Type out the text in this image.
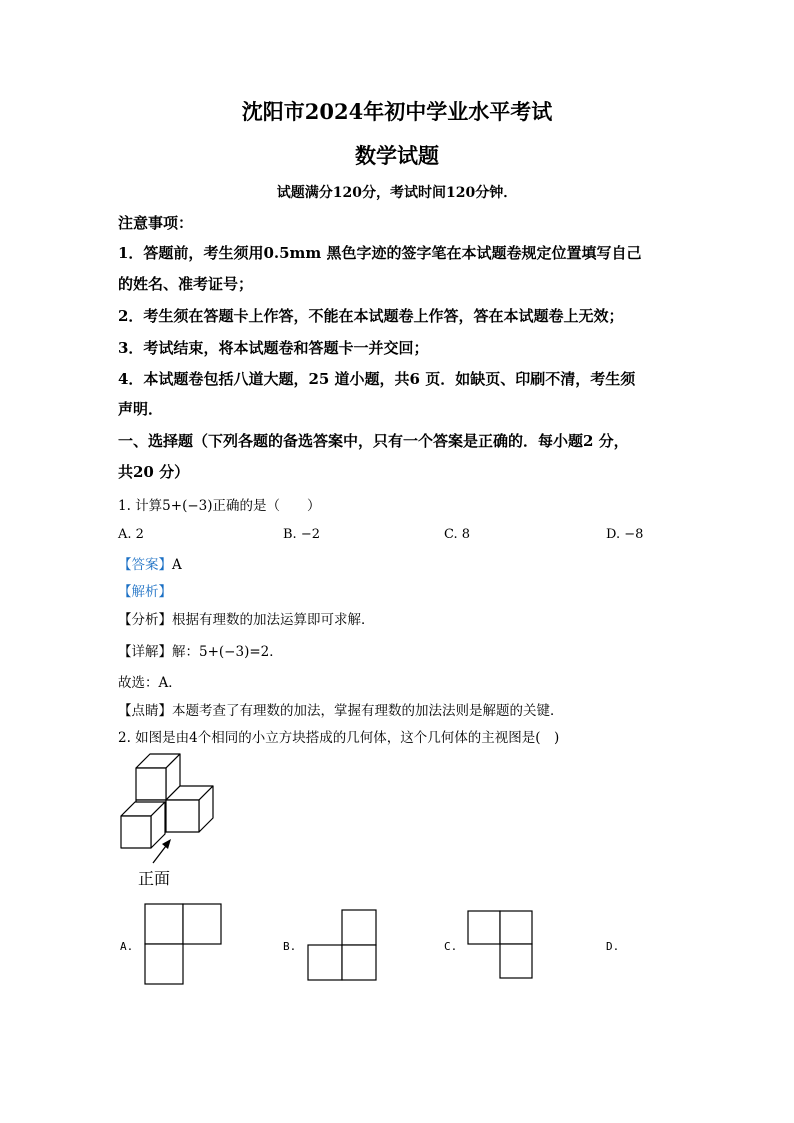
沈阳市2024年初中学业水平考试
数学试题
试题满分120分，考试时间120分钟．
注意事项：
1．答题前，考生须用0.5mm 黑色字迹的签字笔在本试题卷规定位置填写自己
的姓名、准考证号；
2．考生须在答题卡上作答，不能在本试题卷上作答，答在本试题卷上无效；
3．考试结束，将本试题卷和答题卡一并交回；
4．本试题卷包括八道大题，25 道小题，共6 页．如缺页、印刷不清，考生须
声明．
一、选择题（下列各题的备选答案中，只有一个答案是正确的．每小题2 分，
共20 分）
1. 计算5+(−3)正确的是（　　）
A. 2	B. −2	C. 8	D. −8
【答案】A
【解析】
【分析】根据有理数的加法运算即可求解．
【详解】解：5+(−3)=2．
故选：A．
【点睛】本题考查了有理数的加法，掌握有理数的加法法则是解题的关键．
2. 如图是由4个相同的小立方块搭成的几何体，这个几何体的主视图是(　)
正面
A.	B.	C.	D.
